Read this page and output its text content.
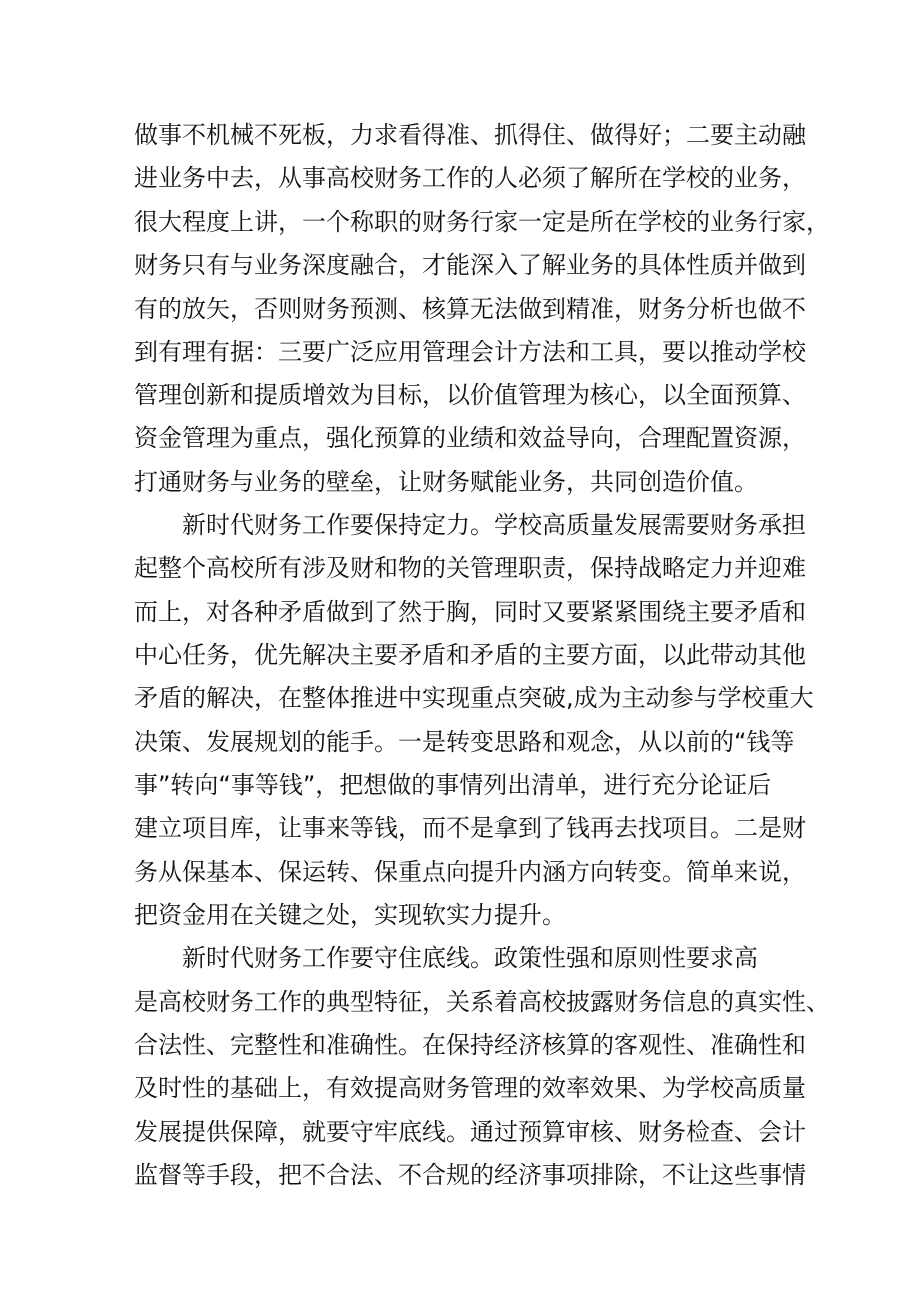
做事不机械不死板，力求看得准、抓得住、做得好；二要主动融
进业务中去，从事高校财务工作的人必须了解所在学校的业务，
很大程度上讲，一个称职的财务行家一定是所在学校的业务行家，
财务只有与业务深度融合，才能深入了解业务的具体性质并做到
有的放矢，否则财务预测、核算无法做到精准，财务分析也做不
到有理有据：三要广泛应用管理会计方法和工具，要以推动学校
管理创新和提质增效为目标，以价值管理为核心，以全面预算、
资金管理为重点，强化预算的业绩和效益导向，合理配置资源，
打通财务与业务的壁垒，让财务赋能业务，共同创造价值。
新时代财务工作要保持定力。学校高质量发展需要财务承担
起整个高校所有涉及财和物的关管理职责，保持战略定力并迎难
而上，对各种矛盾做到了然于胸，同时又要紧紧围绕主要矛盾和
中心任务，优先解决主要矛盾和矛盾的主要方面，以此带动其他
矛盾的解决，在整体推进中实现重点突破,成为主动参与学校重大
决策、发展规划的能手。一是转变思路和观念，从以前的“钱等
事”转向“事等钱”，把想做的事情列出清单，进行充分论证后
建立项目库，让事来等钱，而不是拿到了钱再去找项目。二是财
务从保基本、保运转、保重点向提升内涵方向转变。简单来说，
把资金用在关键之处，实现软实力提升。
新时代财务工作要守住底线。政策性强和原则性要求高
是高校财务工作的典型特征，关系着高校披露财务信息的真实性、
合法性、完整性和准确性。在保持经济核算的客观性、准确性和
及时性的基础上，有效提高财务管理的效率效果、为学校高质量
发展提供保障，就要守牢底线。通过预算审核、财务检查、会计
监督等手段，把不合法、不合规的经济事项排除，不让这些事情
